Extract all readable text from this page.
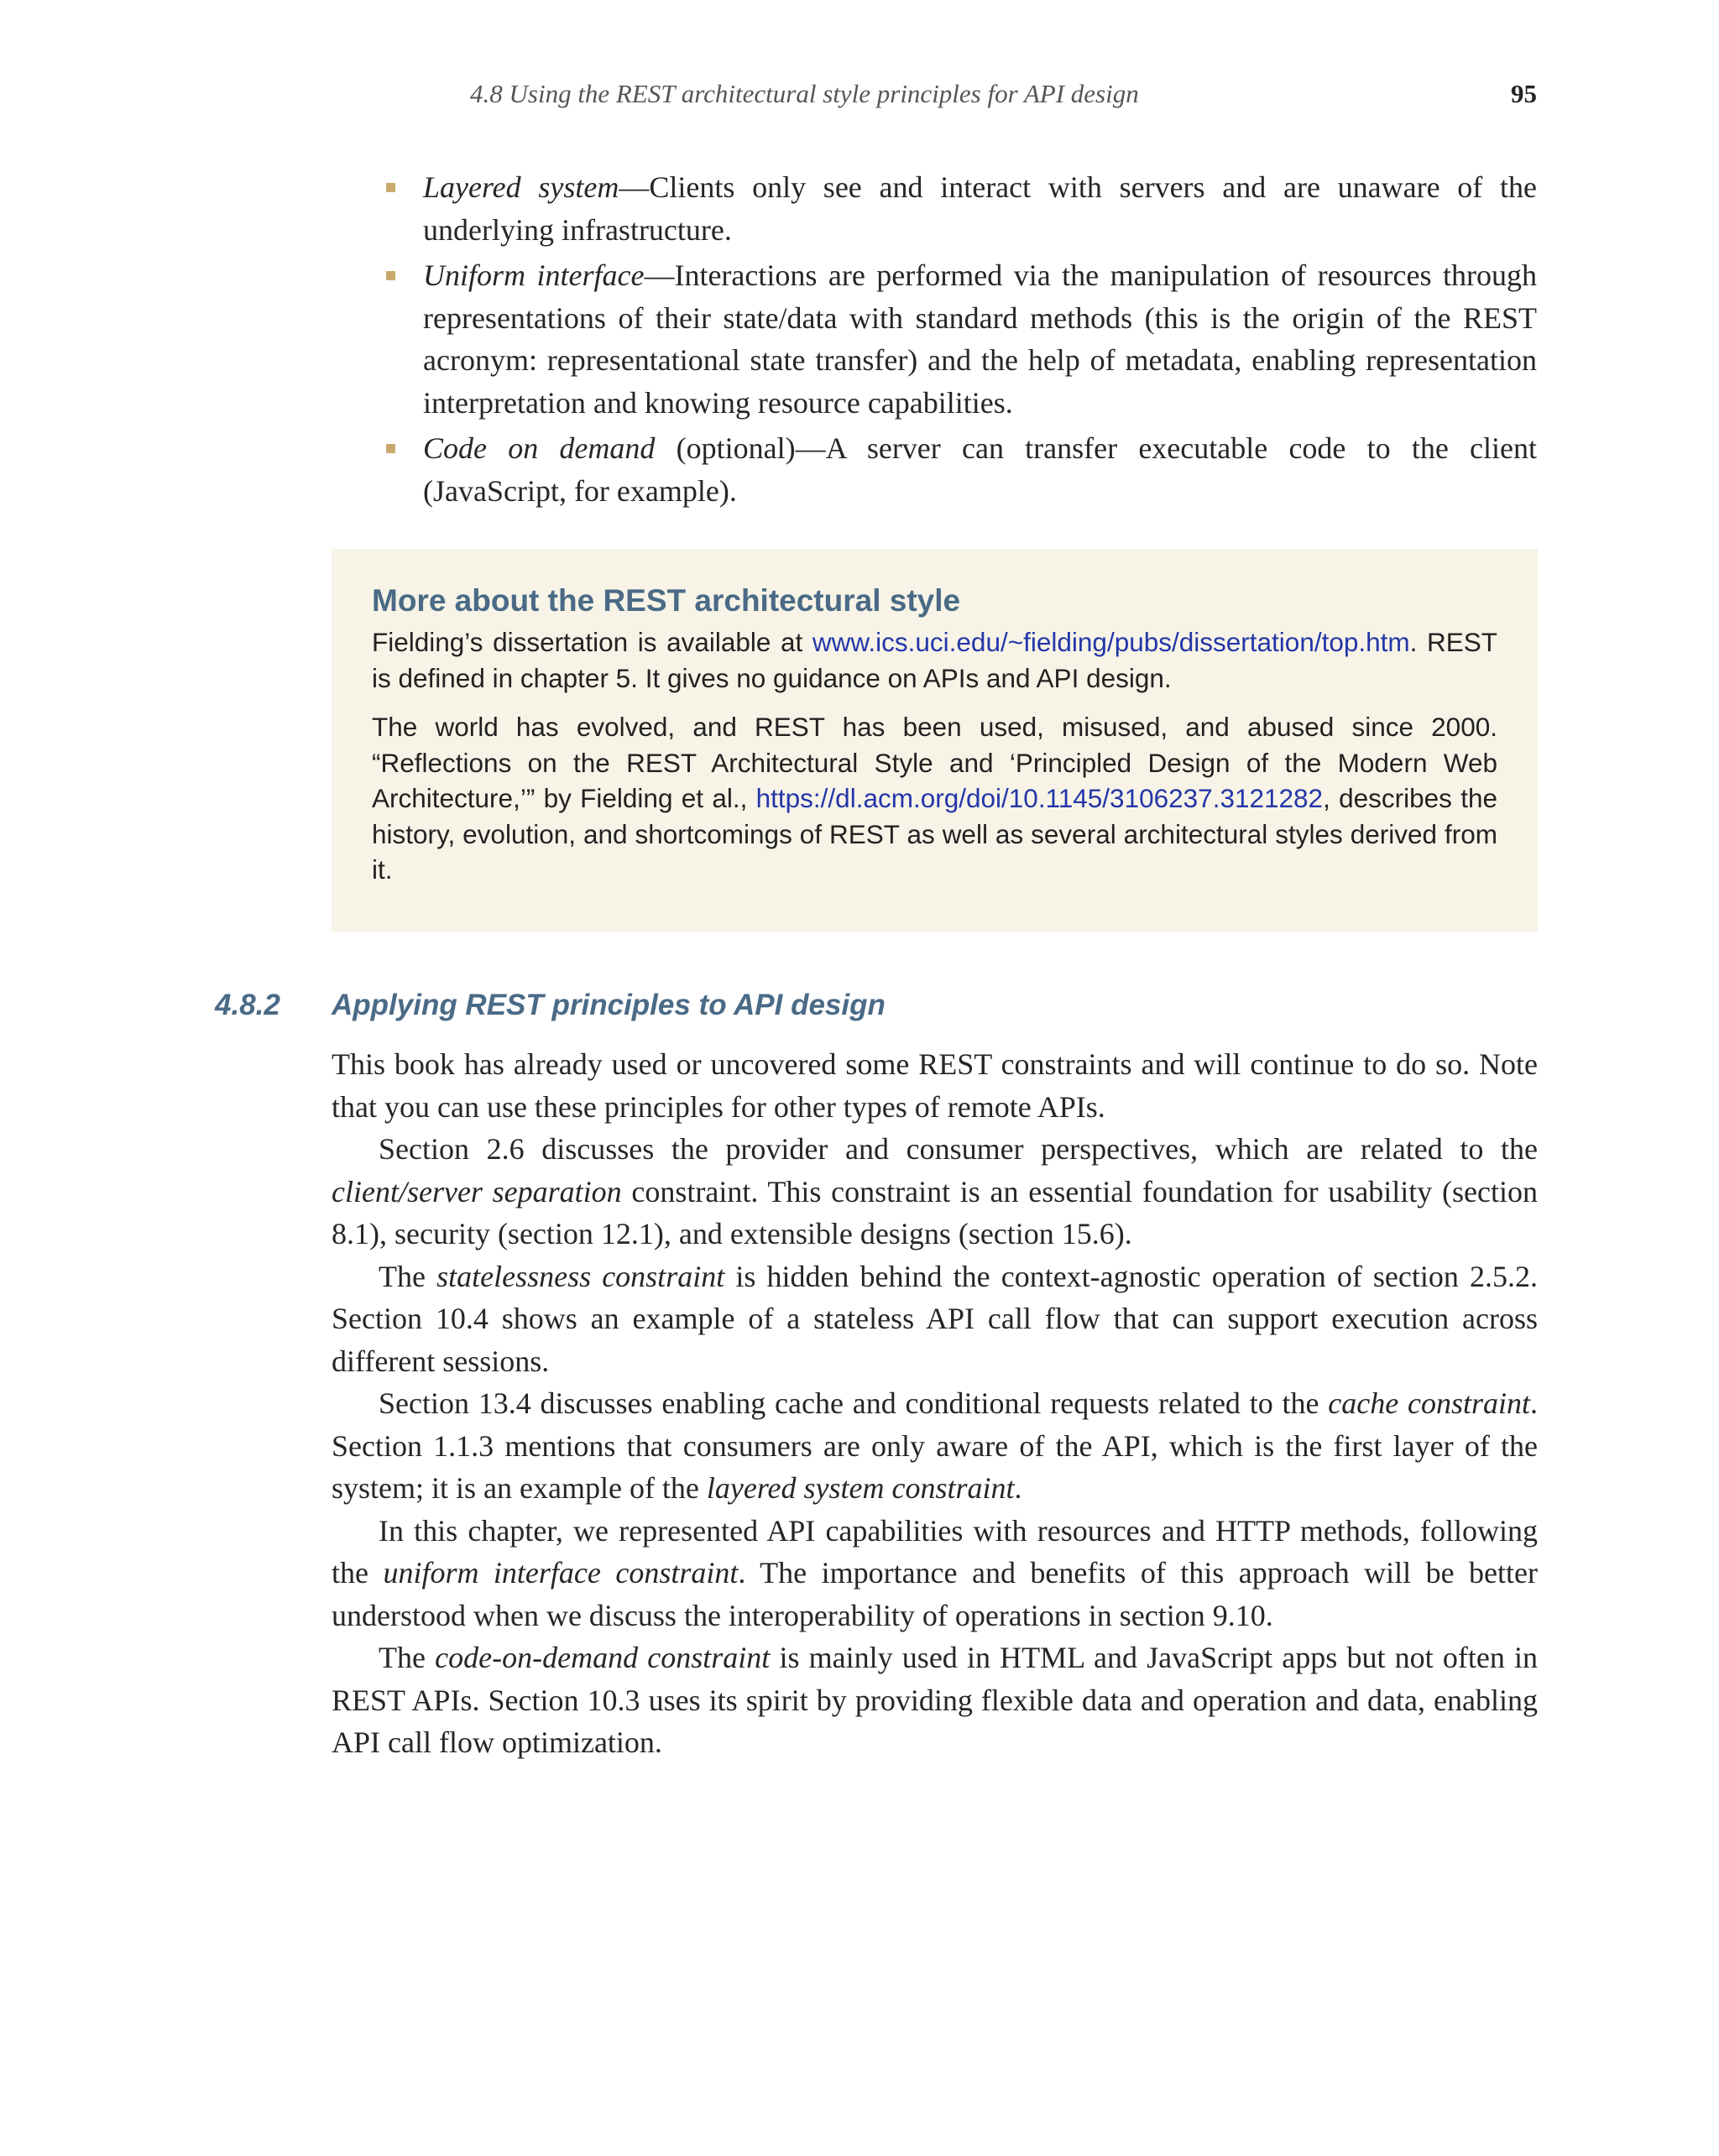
4.8 Using the REST architectural style principles for API design	95
Layered system—Clients only see and interact with servers and are unaware of the underlying infrastructure.
Uniform interface—Interactions are performed via the manipulation of resources through representations of their state/data with standard methods (this is the origin of the REST acronym: representational state transfer) and the help of metadata, enabling representation interpretation and knowing resource capabilities.
Code on demand (optional)—A server can transfer executable code to the client (JavaScript, for example).
More about the REST architectural style

Fielding’s dissertation is available at www.ics.uci.edu/~fielding/pubs/dissertation/top.htm. REST is defined in chapter 5. It gives no guidance on APIs and API design.

The world has evolved, and REST has been used, misused, and abused since 2000. “Reflections on the REST Architectural Style and ‘Principled Design of the Modern Web Architecture,’” by Fielding et al., https://dl.acm.org/doi/10.1145/3106237.3121282, describes the history, evolution, and shortcomings of REST as well as several architectural styles derived from it.

4.8.2 Applying REST principles to API design

This book has already used or uncovered some REST constraints and will continue to do so. Note that you can use these principles for other types of remote APIs.

Section 2.6 discusses the provider and consumer perspectives, which are related to the client/server separation constraint. This constraint is an essential foundation for usability (section 8.1), security (section 12.1), and extensible designs (section 15.6).

The statelessness constraint is hidden behind the context-agnostic operation of section 2.5.2. Section 10.4 shows an example of a stateless API call flow that can support execution across different sessions.

Section 13.4 discusses enabling cache and conditional requests related to the cache constraint. Section 1.1.3 mentions that consumers are only aware of the API, which is the first layer of the system; it is an example of the layered system constraint.

In this chapter, we represented API capabilities with resources and HTTP methods, following the uniform interface constraint. The importance and benefits of this approach will be better understood when we discuss the interoperability of operations in section 9.10.

The code-on-demand constraint is mainly used in HTML and JavaScript apps but not often in REST APIs. Section 10.3 uses its spirit by providing flexible data and operation and data, enabling API call flow optimization.
